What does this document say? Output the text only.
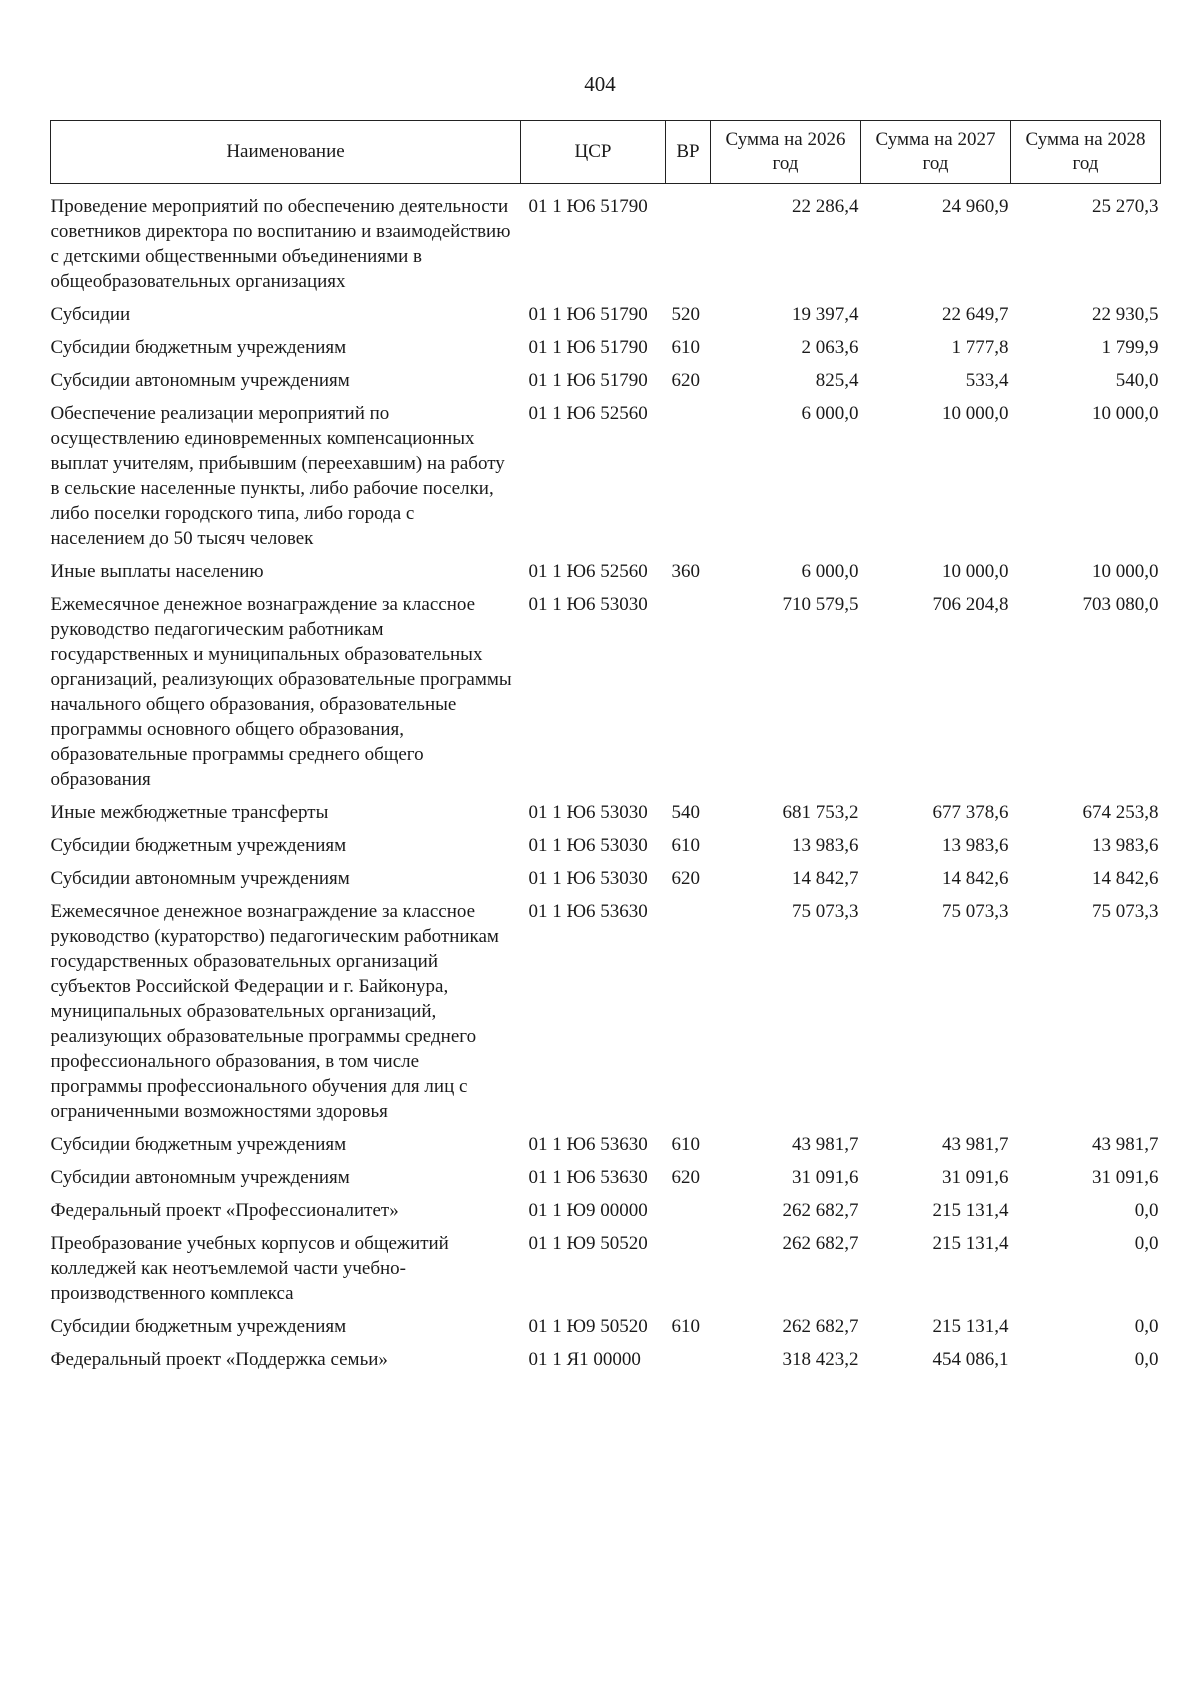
404
Наименование	ЦСР	ВР	Сумма на 2026 год	Сумма на 2027 год	Сумма на 2028 год
Проведение мероприятий по обеспечению деятельности советников директора по воспитанию и взаимодействию с детскими общественными объединениями в общеобразовательных организациях	01 1 Ю6 51790		22 286,4	24 960,9	25 270,3
Субсидии	01 1 Ю6 51790	520	19 397,4	22 649,7	22 930,5
Субсидии бюджетным учреждениям	01 1 Ю6 51790	610	2 063,6	1 777,8	1 799,9
Субсидии автономным учреждениям	01 1 Ю6 51790	620	825,4	533,4	540,0
Обеспечение реализации мероприятий по осуществлению единовременных компенсационных выплат учителям, прибывшим (переехавшим) на работу в сельские населенные пункты, либо рабочие поселки, либо поселки городского типа, либо города с населением до 50 тысяч человек	01 1 Ю6 52560		6 000,0	10 000,0	10 000,0
Иные выплаты населению	01 1 Ю6 52560	360	6 000,0	10 000,0	10 000,0
Ежемесячное денежное вознаграждение за классное руководство педагогическим работникам государственных и муниципальных образовательных организаций, реализующих образовательные программы начального общего образования, образовательные программы основного общего образования, образовательные программы среднего общего образования	01 1 Ю6 53030		710 579,5	706 204,8	703 080,0
Иные межбюджетные трансферты	01 1 Ю6 53030	540	681 753,2	677 378,6	674 253,8
Субсидии бюджетным учреждениям	01 1 Ю6 53030	610	13 983,6	13 983,6	13 983,6
Субсидии автономным учреждениям	01 1 Ю6 53030	620	14 842,7	14 842,6	14 842,6
Ежемесячное денежное вознаграждение за классное руководство (кураторство) педагогическим работникам государственных образовательных организаций субъектов Российской Федерации и г. Байконура, муниципальных образовательных организаций, реализующих образовательные программы среднего профессионального образования, в том числе программы профессионального обучения для лиц с ограниченными возможностями здоровья	01 1 Ю6 53630		75 073,3	75 073,3	75 073,3
Субсидии бюджетным учреждениям	01 1 Ю6 53630	610	43 981,7	43 981,7	43 981,7
Субсидии автономным учреждениям	01 1 Ю6 53630	620	31 091,6	31 091,6	31 091,6
Федеральный проект «Профессионалитет»	01 1 Ю9 00000		262 682,7	215 131,4	0,0
Преобразование учебных корпусов и общежитий колледжей как неотъемлемой части учебно-производственного комплекса	01 1 Ю9 50520		262 682,7	215 131,4	0,0
Субсидии бюджетным учреждениям	01 1 Ю9 50520	610	262 682,7	215 131,4	0,0
Федеральный проект «Поддержка семьи»	01 1 Я1 00000		318 423,2	454 086,1	0,0
